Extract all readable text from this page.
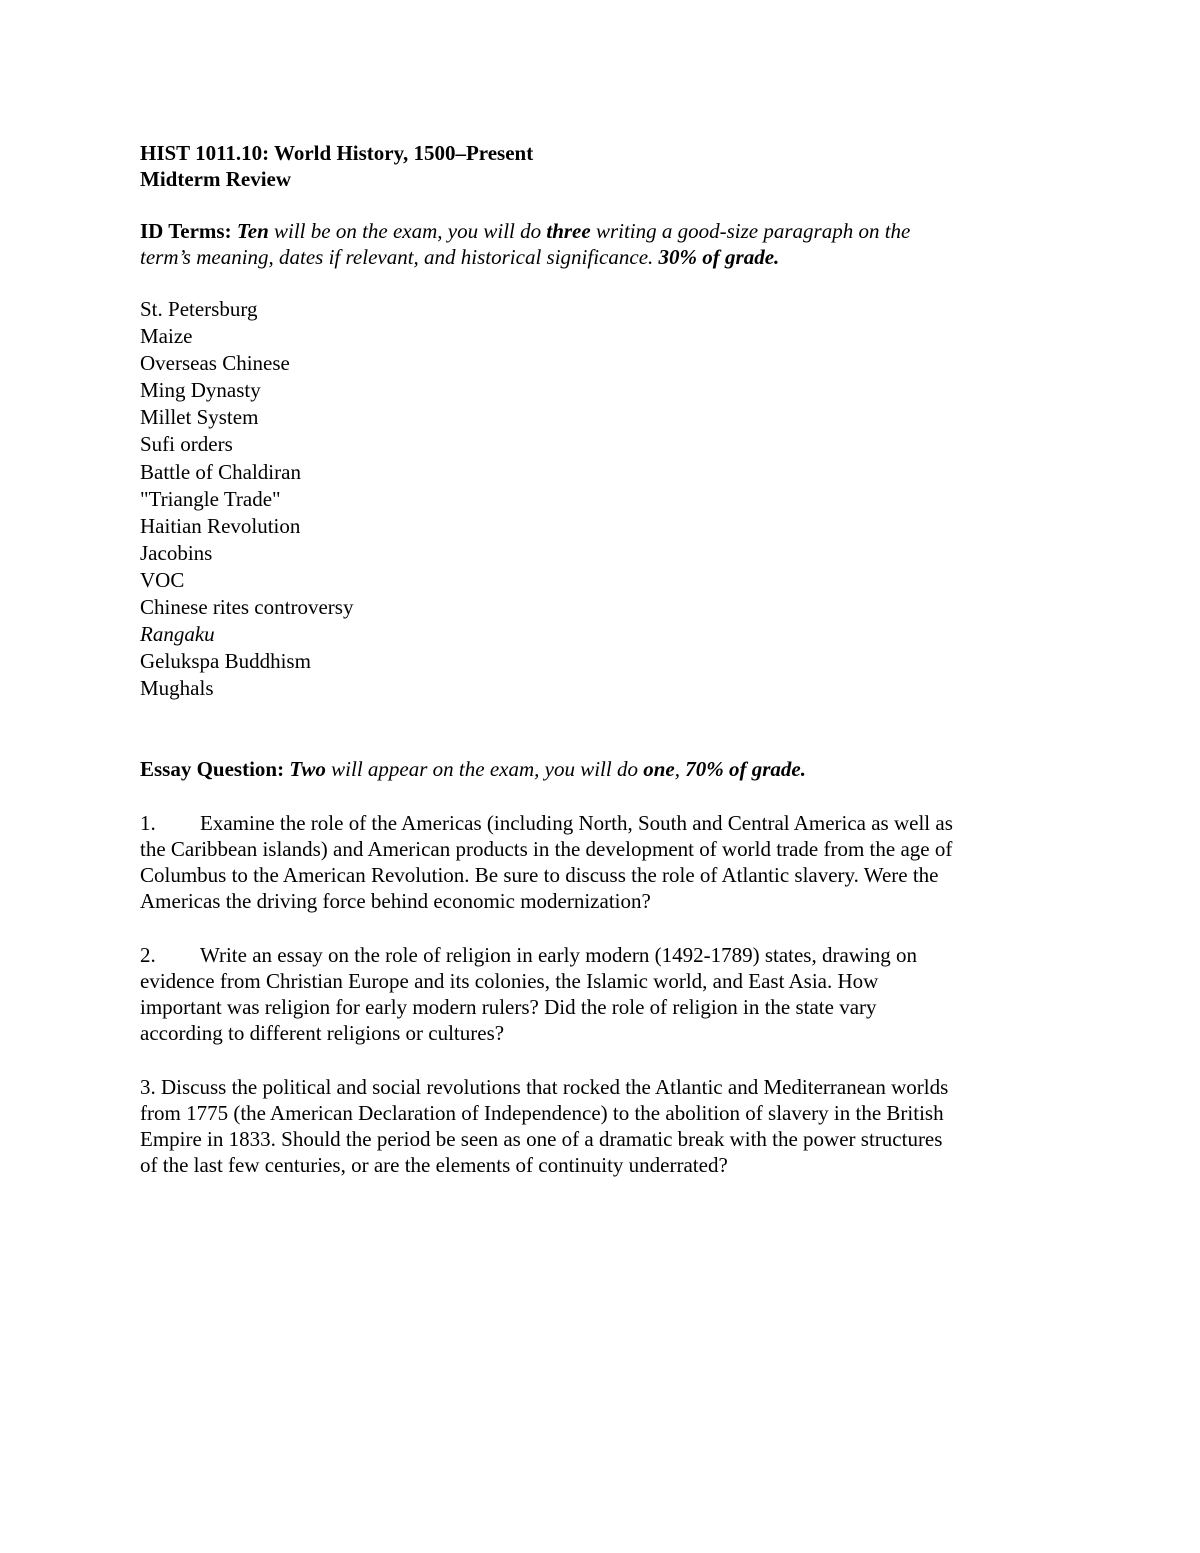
HIST 1011.10: World History, 1500–Present
Midterm Review
ID Terms: Ten will be on the exam, you will do three writing a good-size paragraph on the
term’s meaning, dates if relevant, and historical significance. 30% of grade.
St. Petersburg
Maize
Overseas Chinese
Ming Dynasty
Millet System
Sufi orders
Battle of Chaldiran
"Triangle Trade"
Haitian Revolution
Jacobins
VOC
Chinese rites controversy
Rangaku
Gelukspa Buddhism
Mughals
Essay Question: Two will appear on the exam, you will do one, 70% of grade.
1. Examine the role of the Americas (including North, South and Central America as well as
the Caribbean islands) and American products in the development of world trade from the age of
Columbus to the American Revolution. Be sure to discuss the role of Atlantic slavery. Were the
Americas the driving force behind economic modernization?
2. Write an essay on the role of religion in early modern (1492-1789) states, drawing on
evidence from Christian Europe and its colonies, the Islamic world, and East Asia. How
important was religion for early modern rulers? Did the role of religion in the state vary
according to different religions or cultures?
3. Discuss the political and social revolutions that rocked the Atlantic and Mediterranean worlds
from 1775 (the American Declaration of Independence) to the abolition of slavery in the British
Empire in 1833. Should the period be seen as one of a dramatic break with the power structures
of the last few centuries, or are the elements of continuity underrated?
